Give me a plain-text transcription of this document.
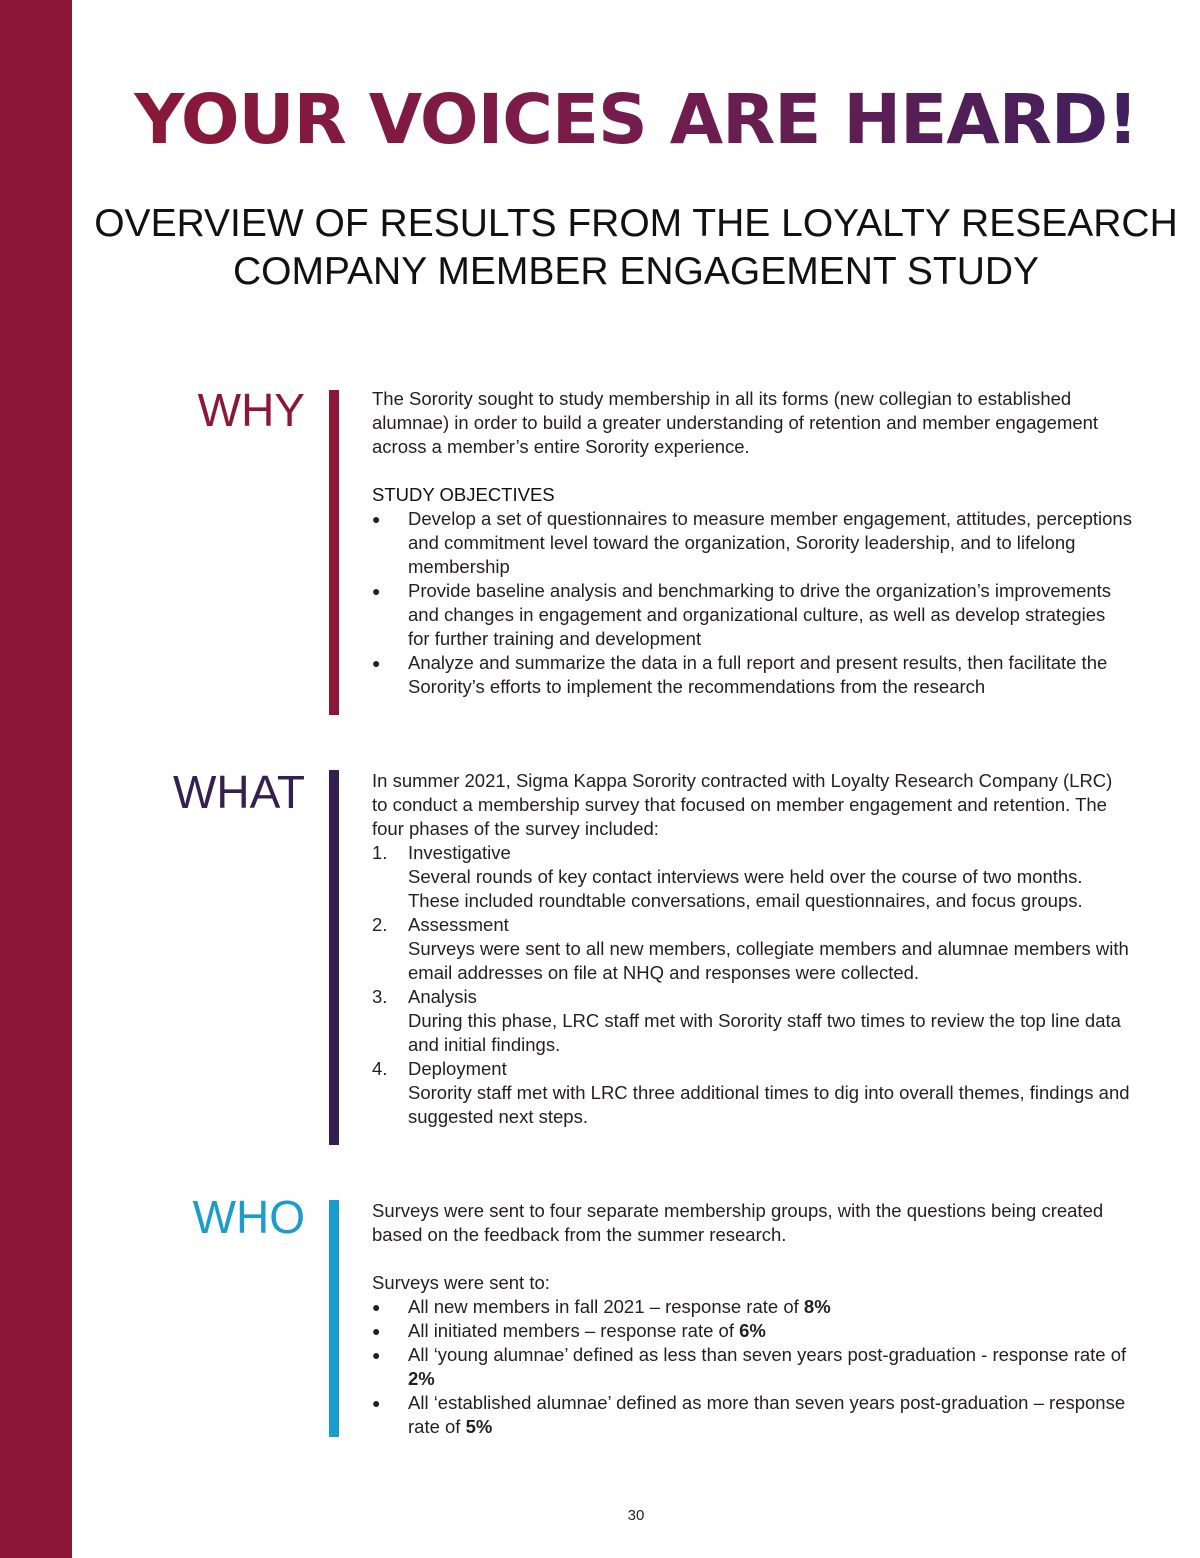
YOUR VOICES ARE HEARD!
OVERVIEW OF RESULTS FROM THE LOYALTY RESEARCH
COMPANY MEMBER ENGAGEMENT STUDY
WHY	The Sorority sought to study membership in all its forms (new collegian to established alumnae) in order to build a greater understanding of retention and member engagement across a member’s entire Sorority experience.

STUDY OBJECTIVES

● Develop a set of questionnaires to measure member engagement, attitudes, perceptions and commitment level toward the organization, Sorority leadership, and to lifelong membership
● Provide baseline analysis and benchmarking to drive the organization’s improvements and changes in engagement and organizational culture, as well as develop strategies for further training and development
● Analyze and summarize the data in a full report and present results, then facilitate the Sorority’s efforts to implement the recommendations from the research
WHAT	In summer 2021, Sigma Kappa Sorority contracted with Loyalty Research Company (LRC) to conduct a membership survey that focused on member engagement and retention. The four phases of the survey included:

1. Investigative
Several rounds of key contact interviews were held over the course of two months. These included roundtable conversations, email questionnaires, and focus groups.
2. Assessment
Surveys were sent to all new members, collegiate members and alumnae members with email addresses on file at NHQ and responses were collected.
3. Analysis
During this phase, LRC staff met with Sorority staff two times to review the top line data and initial findings.
4. Deployment
Sorority staff met with LRC three additional times to dig into overall themes, findings and suggested next steps.
WHO	Surveys were sent to four separate membership groups, with the questions being created based on the feedback from the summer research.

Surveys were sent to:

● All new members in fall 2021 – response rate of 8%
● All initiated members – response rate of 6%
● All ‘young alumnae’ defined as less than seven years post-graduation - response rate of 2%
● All ‘established alumnae’ defined as more than seven years post-graduation – response rate of 5%
30
